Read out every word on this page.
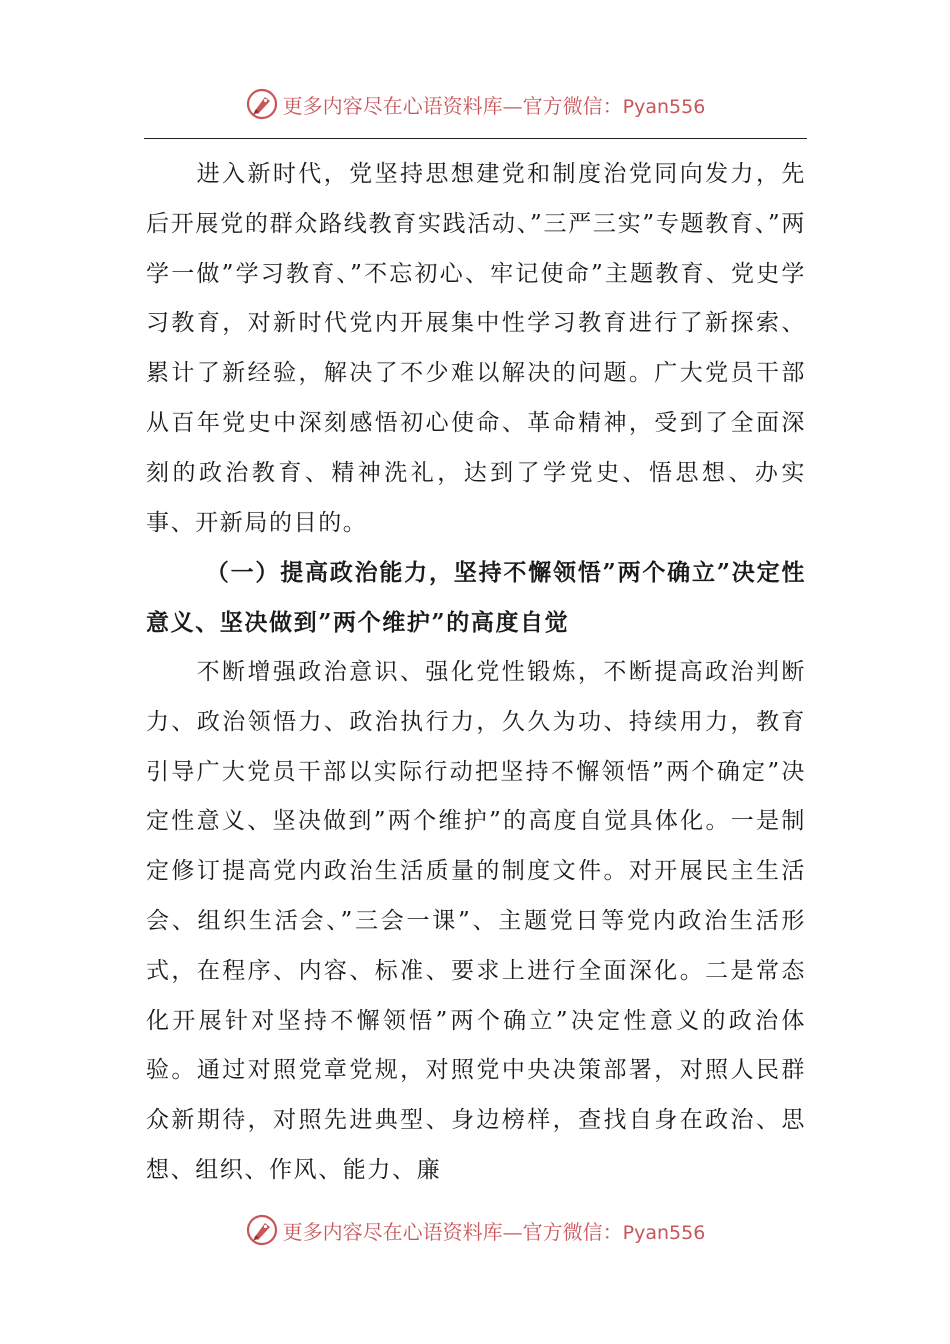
更多内容尽在心语资料库—官方微信：Pyan556

进入新时代，党坚持思想建党和制度治党同向发力，先后开展党的群众路线教育实践活动、”三严三实”专题教育、”两学一做”学习教育、”不忘初心、牢记使命”主题教育、党史学习教育，对新时代党内开展集中性学习教育进行了新探索、累计了新经验，解决了不少难以解决的问题。广大党员干部从百年党史中深刻感悟初心使命、革命精神，受到了全面深刻的政治教育、精神洗礼，达到了学党史、悟思想、办实事、开新局的目的。

（一）提高政治能力，坚持不懈领悟”两个确立”决定性意义、坚决做到”两个维护”的高度自觉

不断增强政治意识、强化党性锻炼，不断提高政治判断力、政治领悟力、政治执行力，久久为功、持续用力，教育引导广大党员干部以实际行动把坚持不懈领悟”两个确定”决定性意义、坚决做到”两个维护”的高度自觉具体化。一是制定修订提高党内政治生活质量的制度文件。对开展民主生活会、组织生活会、”三会一课”、主题党日等党内政治生活形式，在程序、内容、标准、要求上进行全面深化。二是常态化开展针对坚持不懈领悟”两个确立”决定性意义的政治体验。通过对照党章党规，对照党中央决策部署，对照人民群众新期待，对照先进典型、身边榜样，查找自身在政治、思想、组织、作风、能力、廉

更多内容尽在心语资料库—官方微信：Pyan556
